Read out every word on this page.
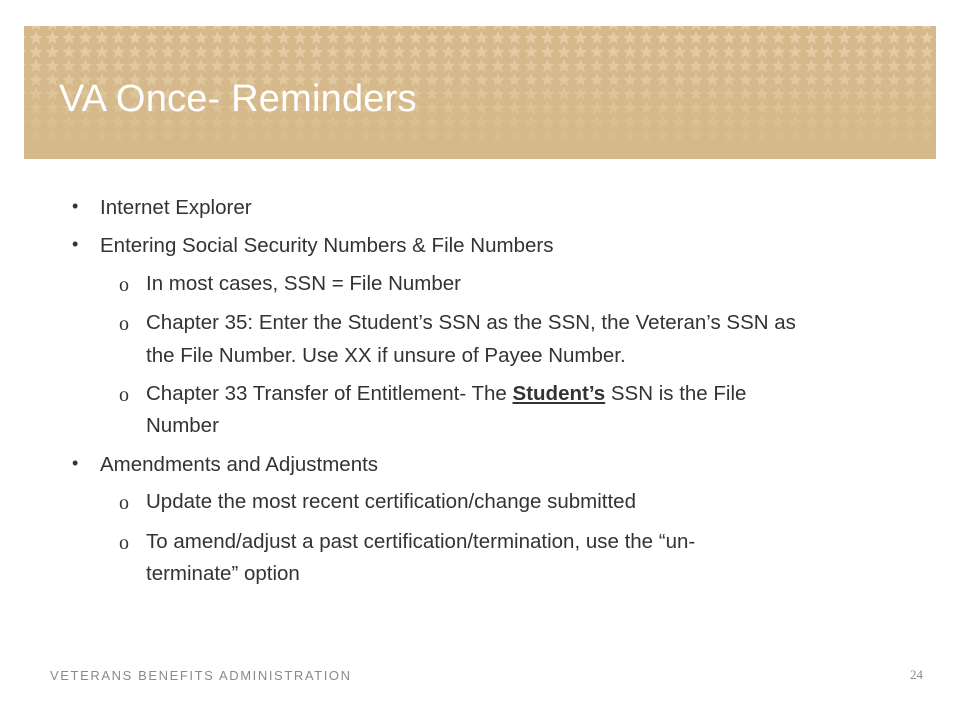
VA Once- Reminders
• Internet Explorer
• Entering Social Security Numbers & File Numbers
o In most cases, SSN = File Number
o Chapter 35: Enter the Student’s SSN as the SSN, the Veteran’s SSN as
the File Number. Use XX if unsure of Payee Number.
o Chapter 33 Transfer of Entitlement- The Student’s SSN is the File
Number
• Amendments and Adjustments
o Update the most recent certification/change submitted
o To amend/adjust a past certification/termination, use the “un-
terminate” option
VETERANS BENEFITS ADMINISTRATION	24
